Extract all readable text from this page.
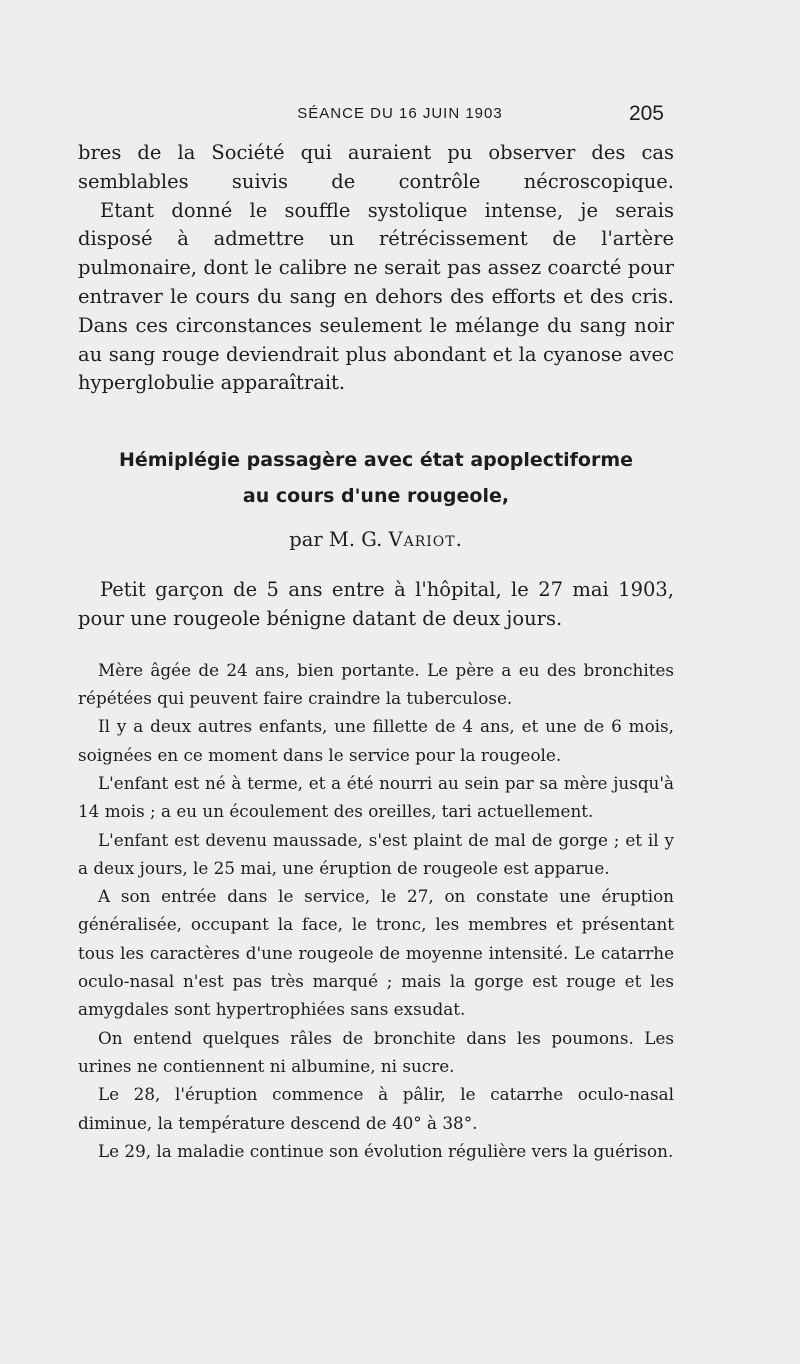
SÉANCE DU 16 JUIN 1903	205

bres de la Société qui auraient pu observer des cas semblables suivis de contrôle nécroscopique.

Etant donné le souffle systolique intense, je serais disposé à admettre un rétrécissement de l'artère pulmonaire, dont le calibre ne serait pas assez coarcté pour entraver le cours du sang en dehors des efforts et des cris. Dans ces circonstances seulement le mélange du sang noir au sang rouge deviendrait plus abondant et la cyanose avec hyperglobulie apparaîtrait.

Hémiplégie passagère avec état apoplectiforme
au cours d'une rougeole,

par M. G. Variot.

Petit garçon de 5 ans entre à l'hôpital, le 27 mai 1903, pour une rougeole bénigne datant de deux jours.

Mère âgée de 24 ans, bien portante. Le père a eu des bronchites répétées qui peuvent faire craindre la tuberculose.

Il y a deux autres enfants, une fillette de 4 ans, et une de 6 mois, soignées en ce moment dans le service pour la rougeole.

L'enfant est né à terme, et a été nourri au sein par sa mère jusqu'à 14 mois ; a eu un écoulement des oreilles, tari actuellement.

L'enfant est devenu maussade, s'est plaint de mal de gorge ; et il y a deux jours, le 25 mai, une éruption de rougeole est apparue.

A son entrée dans le service, le 27, on constate une éruption généralisée, occupant la face, le tronc, les membres et présentant tous les caractères d'une rougeole de moyenne intensité. Le catarrhe oculo-nasal n'est pas très marqué ; mais la gorge est rouge et les amygdales sont hypertrophiées sans exsudat.

On entend quelques râles de bronchite dans les poumons. Les urines ne contiennent ni albumine, ni sucre.

Le 28, l'éruption commence à pâlir, le catarrhe oculo-nasal diminue, la température descend de 40° à 38°.

Le 29, la maladie continue son évolution régulière vers la guérison.
